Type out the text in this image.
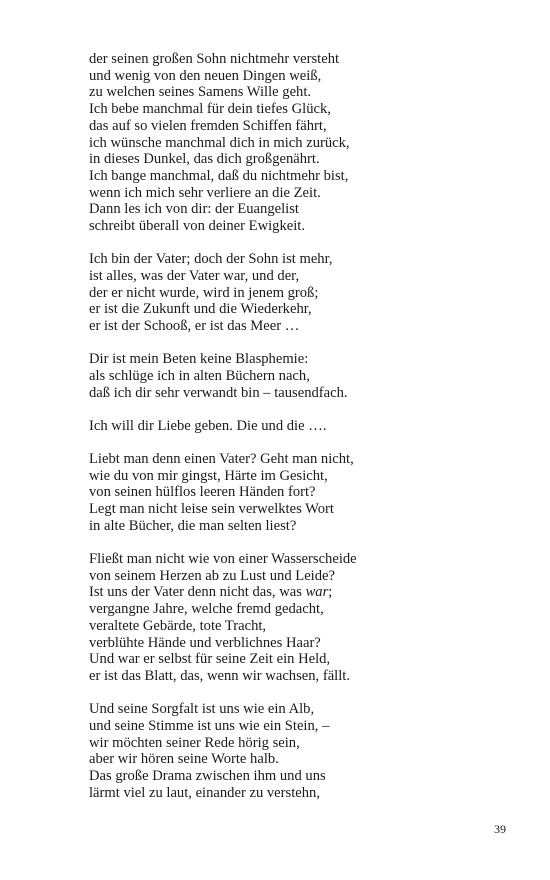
der seinen großen Sohn nichtmehr versteht
und wenig von den neuen Dingen weiß,
zu welchen seines Samens Wille geht.
Ich bebe manchmal für dein tiefes Glück,
das auf so vielen fremden Schiffen fährt,
ich wünsche manchmal dich in mich zurück,
in dieses Dunkel, das dich großgenährt.
Ich bange manchmal, daß du nichtmehr bist,
wenn ich mich sehr verliere an die Zeit.
Dann les ich von dir: der Euangelist
schreibt überall von deiner Ewigkeit.
Ich bin der Vater; doch der Sohn ist mehr,
ist alles, was der Vater war, und der,
der er nicht wurde, wird in jenem groß;
er ist die Zukunft und die Wiederkehr,
er ist der Schooß, er ist das Meer …
Dir ist mein Beten keine Blasphemie:
als schlüge ich in alten Büchern nach,
daß ich dir sehr verwandt bin – tausendfach.
Ich will dir Liebe geben. Die und die ….
Liebt man denn einen Vater? Geht man nicht,
wie du von mir gingst, Härte im Gesicht,
von seinen hülflos leeren Händen fort?
Legt man nicht leise sein verwelktes Wort
in alte Bücher, die man selten liest?
Fließt man nicht wie von einer Wasserscheide
von seinem Herzen ab zu Lust und Leide?
Ist uns der Vater denn nicht das, was war;
vergangne Jahre, welche fremd gedacht,
veraltete Gebärde, tote Tracht,
verblühte Hände und verblichnes Haar?
Und war er selbst für seine Zeit ein Held,
er ist das Blatt, das, wenn wir wachsen, fällt.
Und seine Sorgfalt ist uns wie ein Alb,
und seine Stimme ist uns wie ein Stein, –
wir möchten seiner Rede hörig sein,
aber wir hören seine Worte halb.
Das große Drama zwischen ihm und uns
lärmt viel zu laut, einander zu verstehn,
39
